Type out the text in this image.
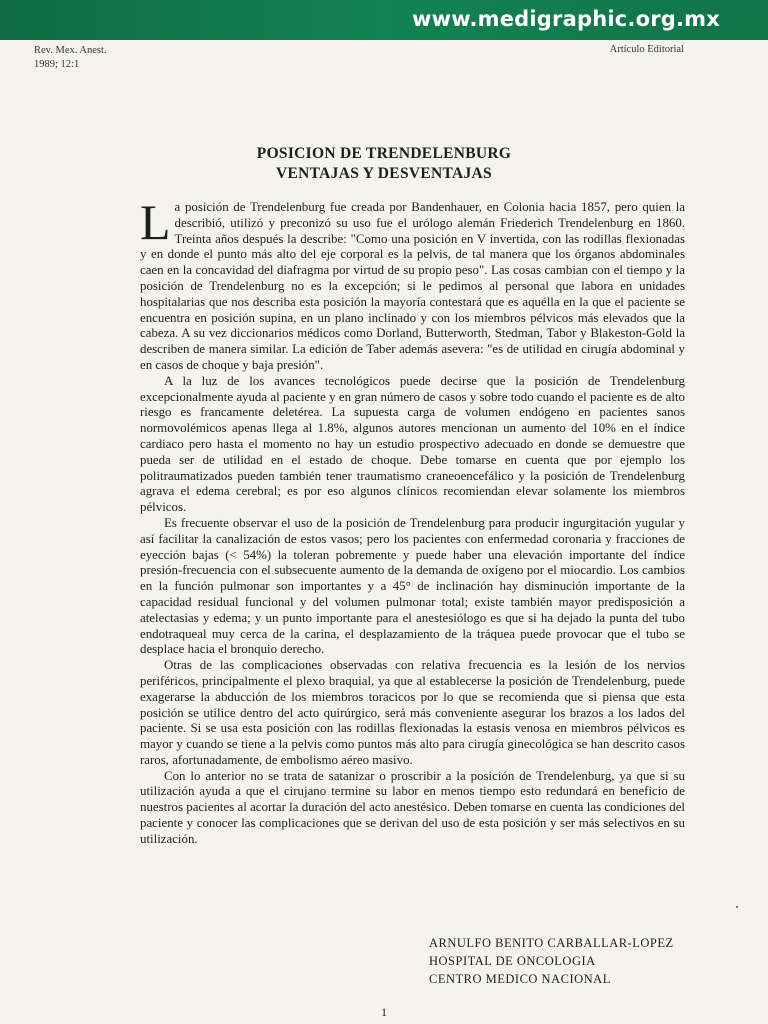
www.medigraphic.org.mx
Rev. Mex. Anest.
1989; 12:1
Artículo Editorial
POSICION DE TRENDELENBURG
VENTAJAS Y DESVENTAJAS

La posición de Trendelenburg fue creada por Bandenhauer, en Colonia hacia 1857, pero quien la describió, utilizó y preconizó su uso fue el urólogo alemán Friederich Trendelenburg en 1860. Treinta años después la describe: "Como una posición en V invertida, con las rodillas flexionadas y en donde el punto más alto del eje corporal es la pelvis, de tal manera que los órganos abdominales caen en la concavidad del diafragma por virtud de su propio peso". Las cosas cambian con el tiempo y la posición de Trendelenburg no es la excepción; si le pedimos al personal que labora en unidades hospitalarias que nos describa esta posición la mayoría contestará que es aquélla en la que el paciente se encuentra en posición supina, en un plano inclinado y con los miembros pélvicos más elevados que la cabeza. A su vez diccionarios médicos como Dorland, Butterworth, Stedman, Tabor y Blakeston-Gold la describen de manera similar. La edición de Taber además asevera: "es de utilidad en cirugía abdominal y en casos de choque y baja presión".

A la luz de los avances tecnológicos puede decirse que la posición de Trendelenburg excepcionalmente ayuda al paciente y en gran número de casos y sobre todo cuando el paciente es de alto riesgo es francamente deletérea. La supuesta carga de volumen endógeno en pacientes sanos normovolémicos apenas llega al 1.8%, algunos autores mencionan un aumento del 10% en el índice cardiaco pero hasta el momento no hay un estudio prospectivo adecuado en donde se demuestre que pueda ser de utilidad en el estado de choque. Debe tomarse en cuenta que por ejemplo los politraumatizados pueden también tener traumatismo craneoencefálico y la posición de Trendelenburg agrava el edema cerebral; es por eso algunos clínicos recomiendan elevar solamente los miembros pélvicos.

Es frecuente observar el uso de la posición de Trendelenburg para producir ingurgitación yugular y así facilitar la canalización de estos vasos; pero los pacientes con enfermedad coronaria y fracciones de eyección bajas (< 54%) la toleran pobremente y puede haber una elevación importante del índice presión-frecuencia con el subsecuente aumento de la demanda de oxígeno por el miocardio. Los cambios en la función pulmonar son importantes y a 45° de inclinación hay disminución importante de la capacidad residual funcional y del volumen pulmonar total; existe también mayor predisposición a atelectasias y edema; y un punto importante para el anestesiólogo es que si ha dejado la punta del tubo endotraqueal muy cerca de la carina, el desplazamiento de la tráquea puede provocar que el tubo se desplace hacia el bronquio derecho.

Otras de las complicaciones observadas con relativa frecuencia es la lesión de los nervios periféricos, principalmente el plexo braquial, ya que al establecerse la posición de Trendelenburg, puede exagerarse la abducción de los miembros toracicos por lo que se recomienda que si piensa que esta posición se utilice dentro del acto quirúrgico, será más conveniente asegurar los brazos a los lados del paciente. Si se usa esta posición con las rodillas flexionadas la estasis venosa en miembros pélvicos es mayor y cuando se tiene a la pelvis como puntos más alto para cirugía ginecológica se han descrito casos raros, afortunadamente, de embolismo aéreo masivo.

Con lo anterior no se trata de satanizar o proscribir a la posición de Trendelenburg, ya que si su utilización ayuda a que el cirujano termine su labor en menos tiempo esto redundará en beneficio de nuestros pacientes al acortar la duración del acto anestésico. Deben tomarse en cuenta las condiciones del paciente y conocer las complicaciones que se derivan del uso de esta posición y ser más selectivos en su utilización.

ARNULFO BENITO CARBALLAR-LOPEZ
HOSPITAL DE ONCOLOGIA
CENTRO MEDICO NACIONAL
1
